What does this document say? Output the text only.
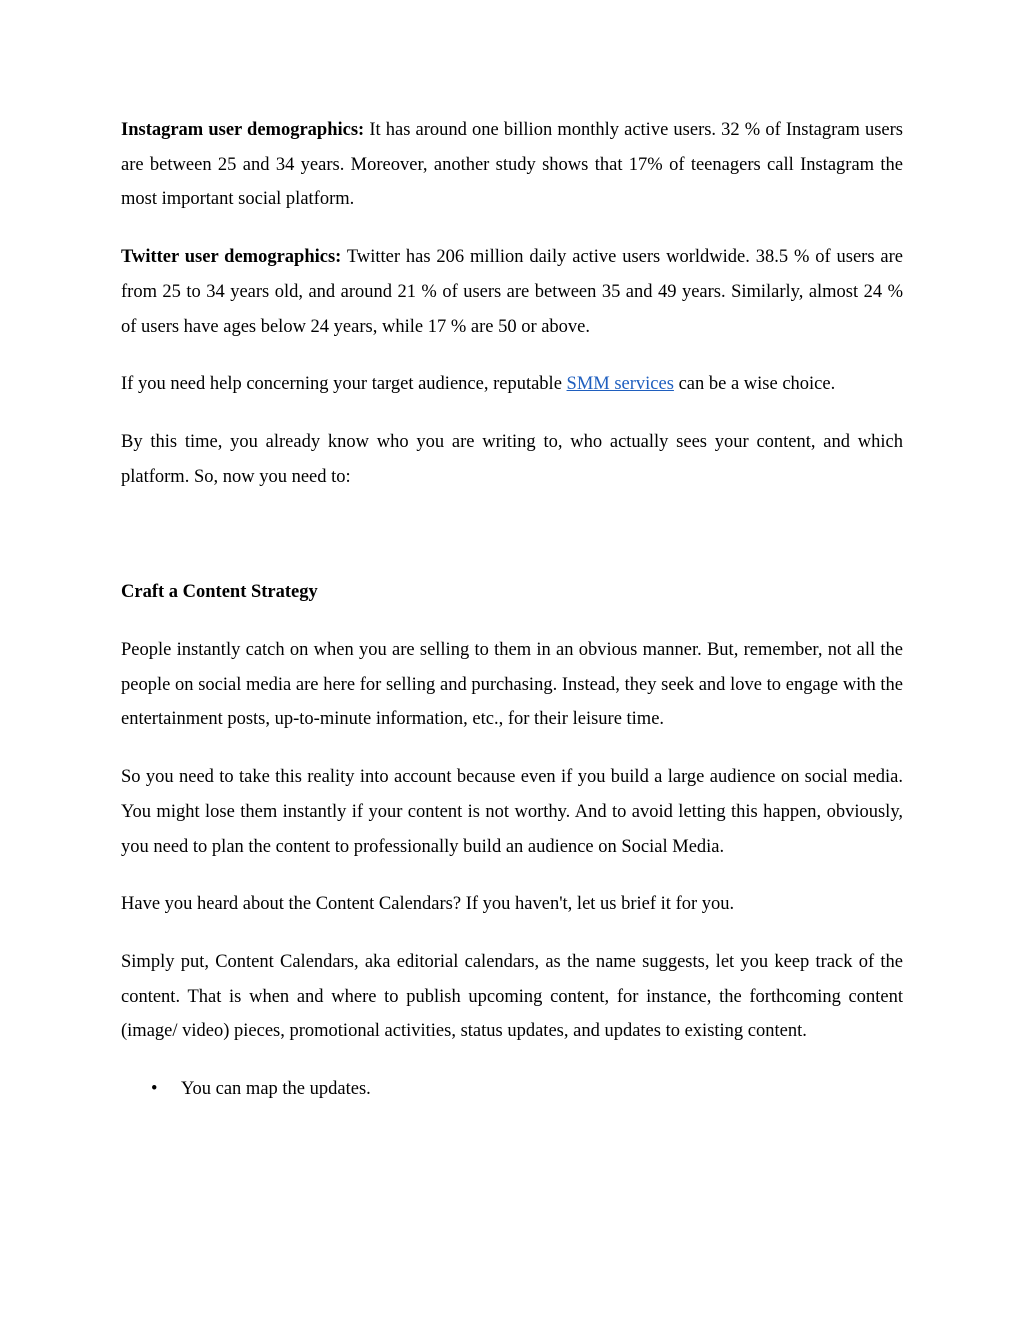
Instagram user demographics: It has around one billion monthly active users. 32 % of Instagram users are between 25 and 34 years. Moreover, another study shows that 17% of teenagers call Instagram the most important social platform.

Twitter user demographics: Twitter has 206 million daily active users worldwide. 38.5 % of users are from 25 to 34 years old, and around 21 % of users are between 35 and 49 years. Similarly, almost 24 % of users have ages below 24 years, while 17 % are 50 or above.

If you need help concerning your target audience, reputable SMM services can be a wise choice.

By this time, you already know who you are writing to, who actually sees your content, and which platform. So, now you need to:

Craft a Content Strategy

People instantly catch on when you are selling to them in an obvious manner. But, remember, not all the people on social media are here for selling and purchasing. Instead, they seek and love to engage with the entertainment posts, up-to-minute information, etc., for their leisure time.

So you need to take this reality into account because even if you build a large audience on social media. You might lose them instantly if your content is not worthy. And to avoid letting this happen, obviously, you need to plan the content to professionally build an audience on Social Media.

Have you heard about the Content Calendars? If you haven't, let us brief it for you.

Simply put, Content Calendars, aka editorial calendars, as the name suggests, let you keep track of the content. That is when and where to publish upcoming content, for instance, the forthcoming content (image/ video) pieces, promotional activities, status updates, and updates to existing content.

• You can map the updates.
